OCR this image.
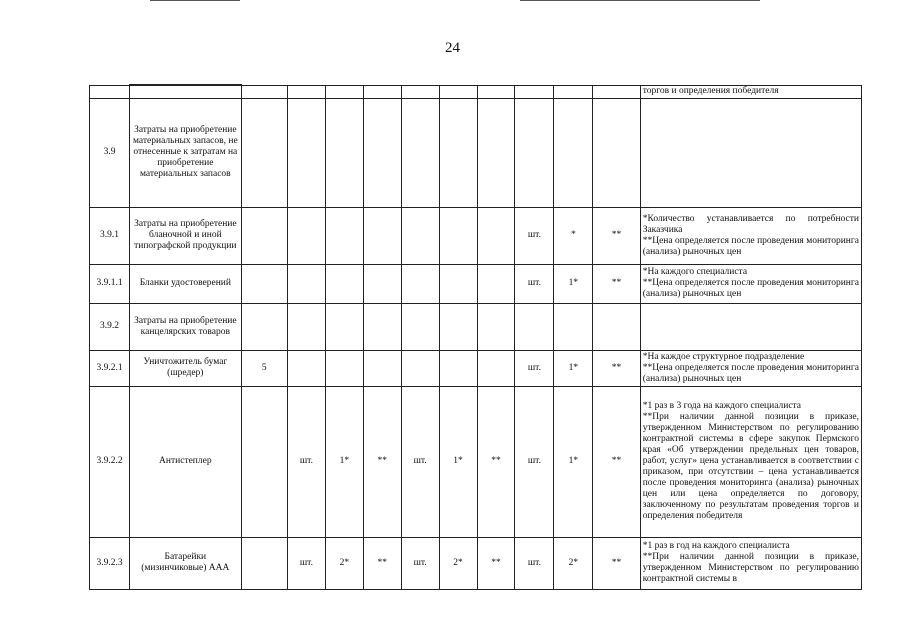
24

												торгов и определения победителя

3.9	Затраты на приобретение материальных запасов, не отнесенные к затратам на приобретение материальных запасов											
3.9.1	Затраты на приобретение бланочной и иной типографской продукции								шт.	*	**	*Количество устанавливается по потребности Заказчика
**Цена определяется после проведения мониторинга (анализа) рыночных цен

3.9.1.1	Бланки удостоверений								шт.	1*	**	*На каждого специалиста
**Цена определяется после проведения мониторинга (анализа) рыночных цен

3.9.2	Затраты на приобретение канцелярских товаров											
3.9.2.1	Уничтожитель бумаг (шредер)	5							шт.	1*	**	*На каждое структурное подразделение
**Цена определяется после проведения мониторинга (анализа) рыночных цен

3.9.2.2	Антистеплер		шт.	1*	**	шт.	1*	**	шт.	1*	**	*1 раз в 3 года на каждого специалиста
**При наличии данной позиции в приказе, утвержденном Министерством по регулированию контрактной системы в сфере закупок Пермского края «Об утверждении предельных цен товаров, работ, услуг» цена устанавливается в соответствии с приказом, при отсутствии – цена устанавливается после проведения мониторинга (анализа) рыночных цен или цена определяется по договору, заключенному по результатам проведения торгов и определения победителя

3.9.2.3	Батарейки (мизинчиковые) ААА		шт.	2*	**	шт.	2*	**	шт.	2*	**	*1 раз в год на каждого специалиста
**При наличии данной позиции в приказе, утвержденном Министерством по регулированию контрактной системы в
